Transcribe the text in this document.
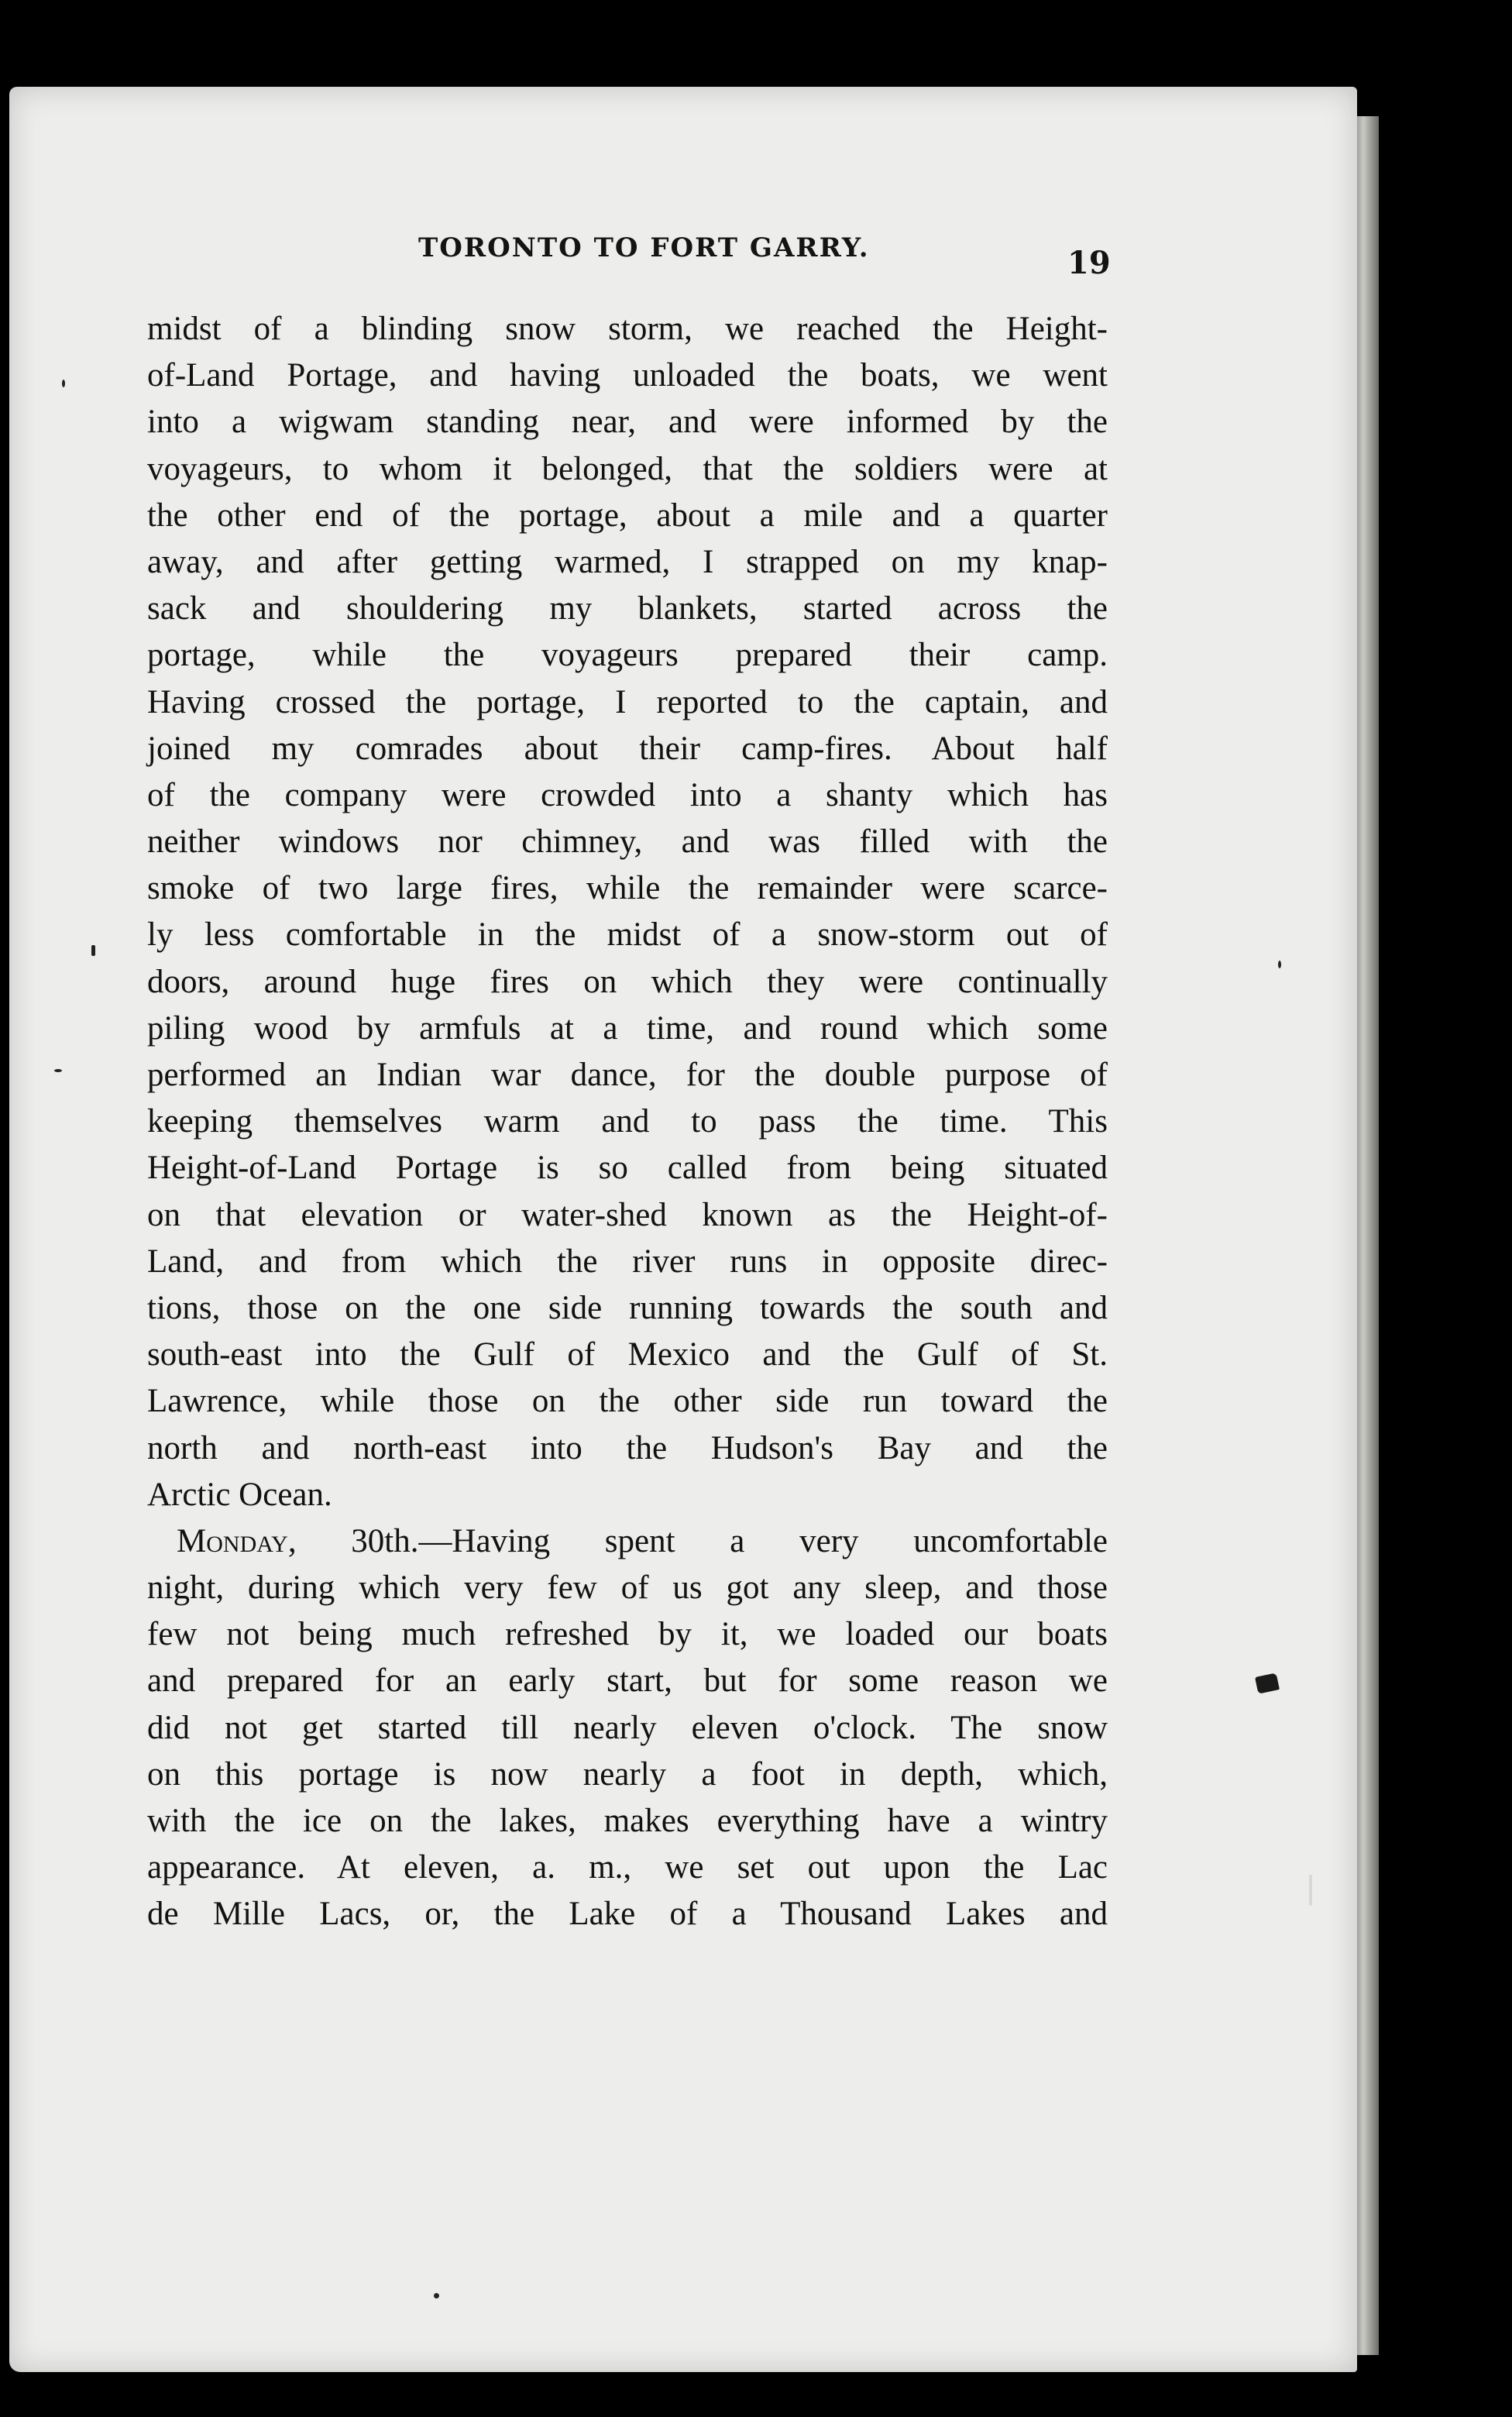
TORONTO TO FORT GARRY.	19
midst of a blinding snow storm, we reached the Height-
of-Land Portage, and having unloaded the boats, we went
into a wigwam standing near, and were informed by the
voyageurs, to whom it belonged, that the soldiers were at
the other end of the portage, about a mile and a quarter
away, and after getting warmed, I strapped on my knap-
sack and shouldering my blankets, started across the
portage, while the voyageurs prepared their camp.
Having crossed the portage, I reported to the captain, and
joined my comrades about their camp-fires. About half
of the company were crowded into a shanty which has
neither windows nor chimney, and was filled with the
smoke of two large fires, while the remainder were scarce-
ly less comfortable in the midst of a snow-storm out of
doors, around huge fires on which they were continually
piling wood by armfuls at a time, and round which some
performed an Indian war dance, for the double purpose of
keeping themselves warm and to pass the time. This
Height-of-Land Portage is so called from being situated
on that elevation or water-shed known as the Height-of-
Land, and from which the river runs in opposite direc-
tions, those on the one side running towards the south and
south-east into the Gulf of Mexico and the Gulf of St.
Lawrence, while those on the other side run toward the
north and north-east into the Hudson's Bay and the
Arctic Ocean.
Monday, 30th.—Having spent a very uncomfortable
night, during which very few of us got any sleep, and those
few not being much refreshed by it, we loaded our boats
and prepared for an early start, but for some reason we
did not get started till nearly eleven o'clock. The snow
on this portage is now nearly a foot in depth, which,
with the ice on the lakes, makes everything have a wintry
appearance. At eleven, a. m., we set out upon the Lac
de Mille Lacs, or, the Lake of a Thousand Lakes and
